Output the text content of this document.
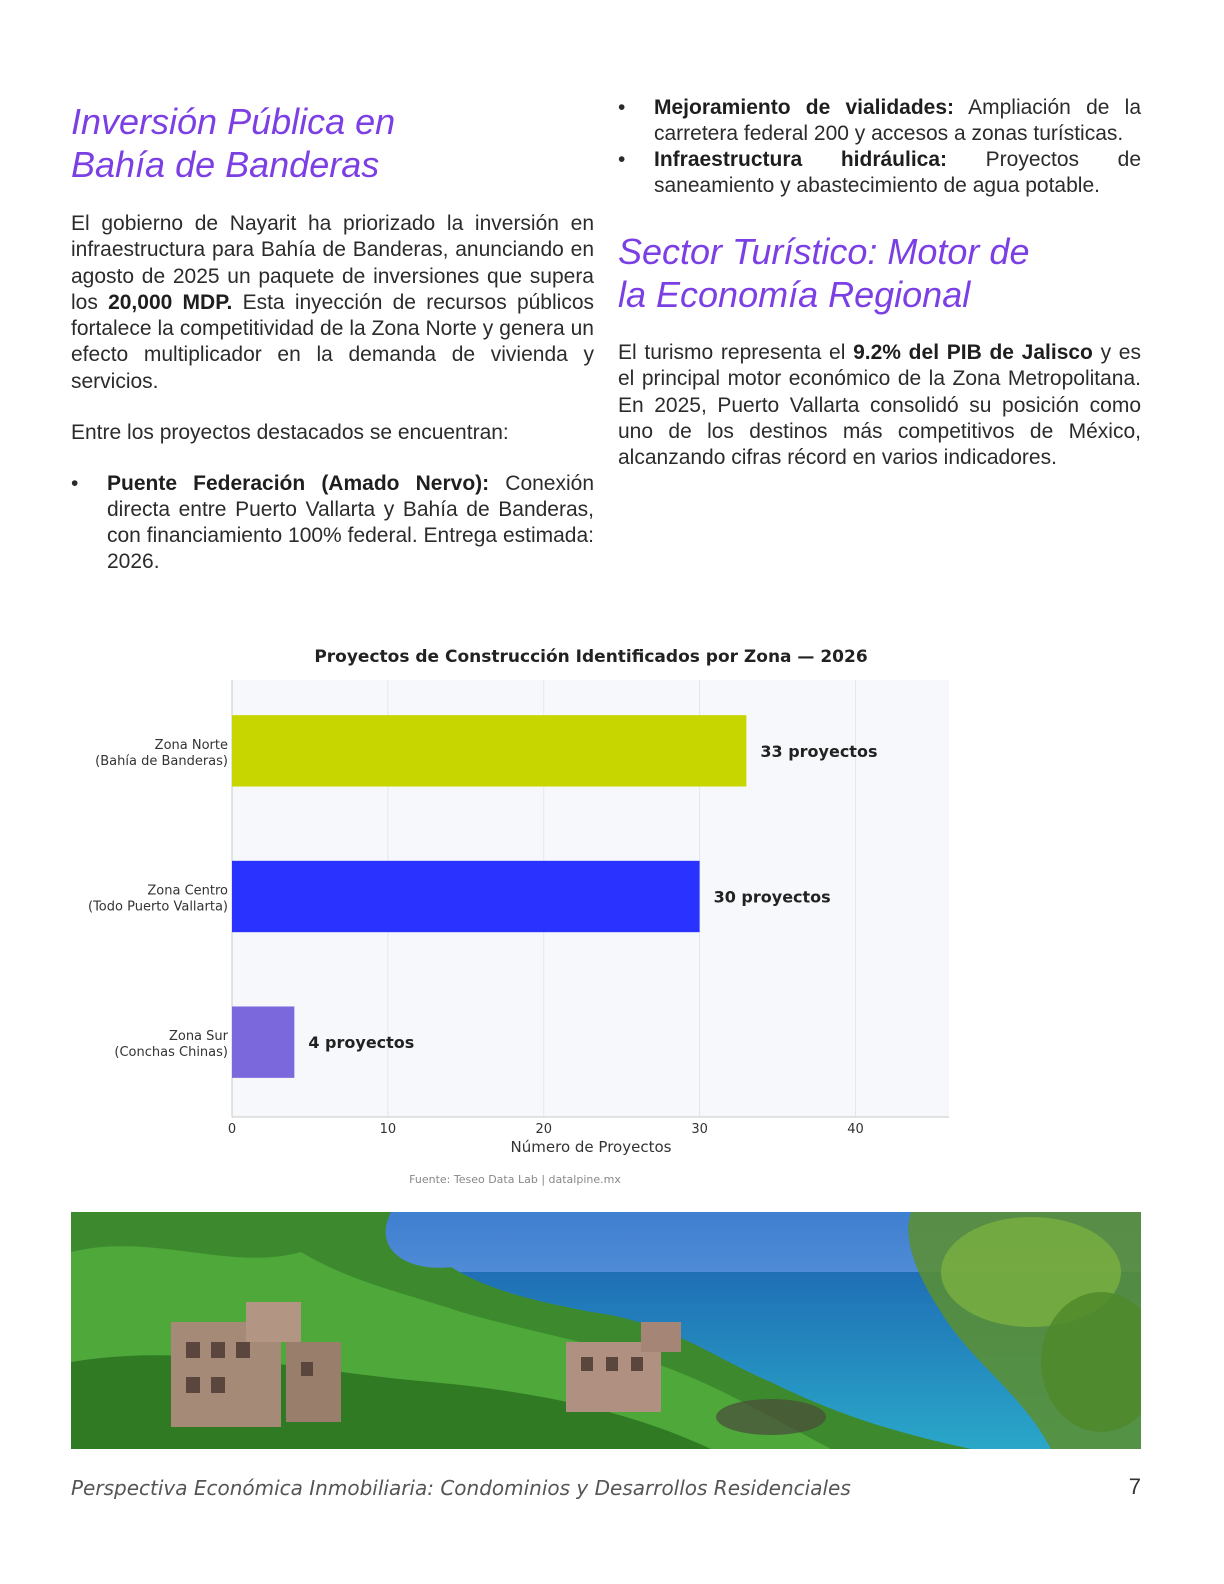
Inversión Pública en
Bahía de Banderas

El gobierno de Nayarit ha priorizado la inversión en infraestructura para Bahía de Banderas, anunciando en agosto de 2025 un paquete de inversiones que supera los 20,000 MDP. Esta inyección de recursos públicos fortalece la competitividad de la Zona Norte y genera un efecto multiplicador en la demanda de vivienda y servicios.

Entre los proyectos destacados se encuentran:

• Puente Federación (Amado Nervo): Conexión directa entre Puerto Vallarta y Bahía de Banderas, con financiamiento 100% federal. Entrega estimada: 2026.
• Mejoramiento de vialidades: Ampliación de la carretera federal 200 y accesos a zonas turísticas.
• Infraestructura hidráulica: Proyectos de saneamiento y abastecimiento de agua potable.
Sector Turístico: Motor de
la Economía Regional

El turismo representa el 9.2% del PIB de Jalisco y es el principal motor económico de la Zona Metropolitana. En 2025, Puerto Vallarta consolidó su posición como uno de los destinos más competitivos de México, alcanzando cifras récord en varios indicadores.

Proyectos de Construcción Identificados por Zona — 2026
33 proyectos
Zona Norte
(Bahía de Banderas)
30 proyectos
Zona Centro
(Todo Puerto Vallarta)
4 proyectos
Zona Sur
(Conchas Chinas)
0	10	20	30	40
Número de Proyectos
Fuente: Teseo Data Lab | datalpine.mx
Perspectiva Económica Inmobiliaria: Condominios y Desarrollos Residenciales	7
